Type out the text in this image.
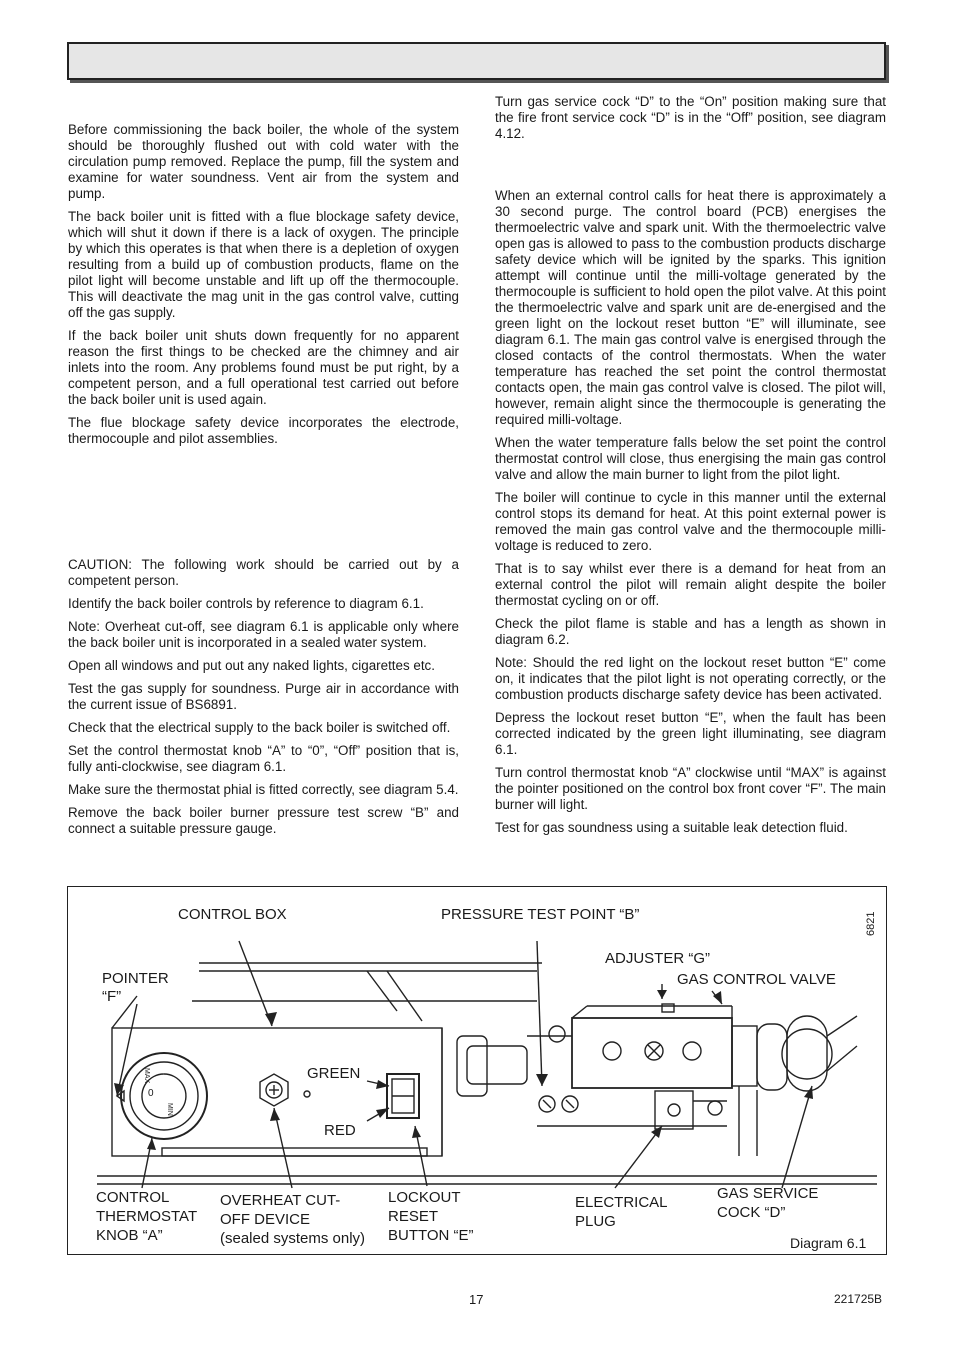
Before commissioning the back boiler, the whole of the system should be thoroughly flushed out with cold water with the circulation pump removed. Replace the pump, fill the system and examine for water soundness. Vent air from the system and pump.

The back boiler unit is fitted with a flue blockage safety device, which will shut it down if there is a lack of oxygen. The principle by which this operates is that when there is a depletion of oxygen resulting from a build up of combustion products, flame on the pilot light will become unstable and lift up off the thermocouple. This will deactivate the mag unit in the gas control valve, cutting off the gas supply.

If the back boiler unit shuts down frequently for no apparent reason the first things to be checked are the chimney and air inlets into the room. Any problems found must be put right, by a competent person, and a full operational test carried out before the back boiler unit is used again.

The flue blockage safety device incorporates the electrode, thermocouple and pilot assemblies.

CAUTION: The following work should be carried out by a competent person.

Identify the back boiler controls by reference to diagram 6.1.

Note: Overheat cut-off, see diagram 6.1 is applicable only where the back boiler unit is incorporated in a sealed water system.

Open all windows and put out any naked lights, cigarettes etc.

Test the gas supply for soundness. Purge air in accordance with the current issue of BS6891.

Check that the electrical supply to the back boiler is switched off.

Set the control thermostat knob “A” to “0”, “Off” position that is, fully anti-clockwise, see diagram 6.1.

Make sure the thermostat phial is fitted correctly, see diagram 5.4.

Remove the back boiler burner pressure test screw “B” and connect a suitable pressure gauge.

Turn gas service cock “D” to the “On” position making sure that the fire front service cock “D” is in the “Off” position, see diagram 4.12.

When an external control calls for heat there is approximately a 30 second purge. The control board (PCB) energises the thermoelectric valve and spark unit. With the thermoelectric valve open gas is allowed to pass to the combustion products discharge safety device which will be ignited by the sparks. This ignition attempt will continue until the milli-voltage generated by the thermocouple is sufficient to hold open the pilot valve. At this point the thermoelectric valve and spark unit are de-energised and the green light on the lockout reset button “E” will illuminate, see diagram 6.1. The main gas control valve is energised through the closed contacts of the control thermostats. When the water temperature has reached the set point the control thermostat contacts open, the main gas control valve is closed. The pilot will, however, remain alight since the thermocouple is generating the required milli-voltage.

When the water temperature falls below the set point the control thermostat control will close, thus energising the main gas control valve and allow the main burner to light from the pilot light.

The boiler will continue to cycle in this manner until the external control stops its demand for heat. At this point external power is removed the main gas control valve and the thermocouple milli-voltage is reduced to zero.

That is to say whilst ever there is a demand for heat from an external control the pilot will remain alight despite the boiler thermostat cycling on or off.

Check the pilot flame is stable and has a length as shown in diagram 6.2.

Note: Should the red light on the lockout reset button “E” come on, it indicates that the pilot light is not operating correctly, or the combustion products discharge safety device has been activated.

Depress the lockout reset button “E”, when the fault has been corrected indicated by the green light illuminating, see diagram 6.1.

Turn control thermostat knob “A” clockwise until “MAX” is against the pointer positioned on the control box front cover “F”. The main burner will light.

Test for gas soundness using a suitable leak detection fluid.

CONTROL BOX	PRESSURE TEST POINT “B”	6821
ADJUSTER “G”
GAS CONTROL VALVE
POINTER
“F”
GREEN
RED
MAX
0
MIN
CONTROL
THERMOSTAT
KNOB “A”
OVERHEAT CUT-
OFF DEVICE
(sealed systems only)
LOCKOUT
RESET
BUTTON “E”
ELECTRICAL
PLUG
GAS SERVICE
COCK “D”
Diagram 6.1
17	221725B
